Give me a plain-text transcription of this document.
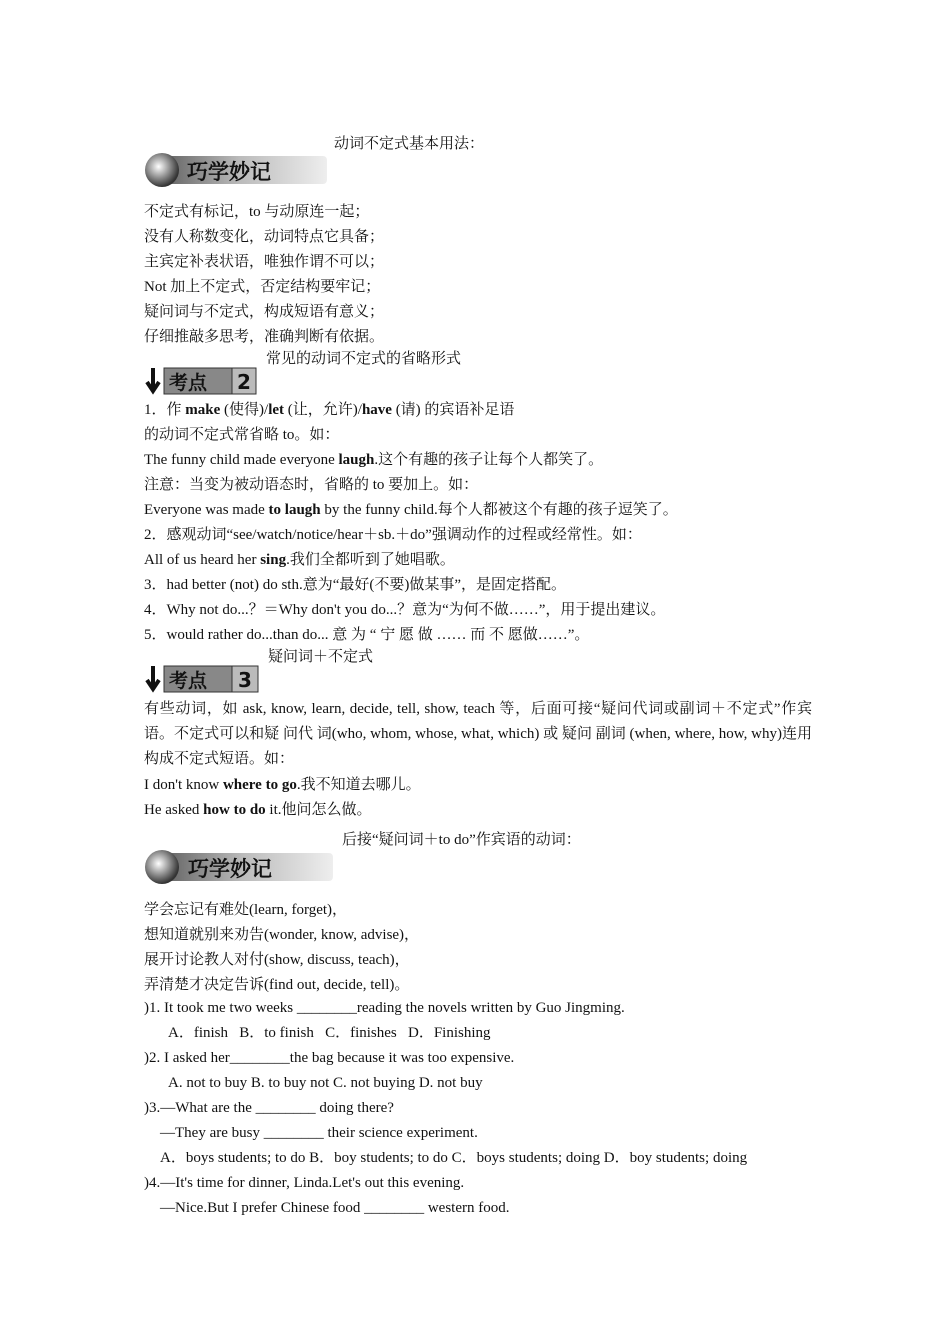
动词不定式基本用法：
巧学妙记
不定式有标记，to 与动原连一起；
没有人称数变化，动词特点它具备；
主宾定补表状语，唯独作谓不可以；
Not 加上不定式，否定结构要牢记；
疑问词与不定式，构成短语有意义；
仔细推敲多思考，准确判断有依据。
常见的动词不定式的省略形式
考点 2
1．作 make (使得)/let (让，允许)/have (请) 的宾语补足语
的动词不定式常省略 to。如：
The funny child made everyone laugh.这个有趣的孩子让每个人都笑了。
注意：当变为被动语态时，省略的 to 要加上。如：
Everyone was made to laugh by the funny child.每个人都被这个有趣的孩子逗笑了。
2．感观动词“see/watch/notice/hear＋sb.＋do”强调动作的过程或经常性。如：
All of us heard her sing.我们全都听到了她唱歌。
3．had better (not) do sth.意为“最好(不要)做某事”，是固定搭配。
4．Why not do...？＝Why don't you do...？意为“为何不做……”，用于提出建议。
5．would rather do...than do... 意 为 “ 宁 愿 做 …… 而 不 愿做……”。
疑问词＋不定式
考点 3
有些动词，如 ask, know, learn, decide, tell, show, teach 等，后面可接“疑问代词或副词＋不定式”作宾语。不定式可以和疑 问代 词(who, whom, whose, what, which) 或 疑问 副词 (when, where, how, why)连用构成不定式短语。如：
I don't know where to go.我不知道去哪儿。
He asked how to do it.他问怎么做。
后接“疑问词＋to do”作宾语的动词：
巧学妙记
学会忘记有难处(learn, forget)，
想知道就别来劝告(wonder, know, advise)，
展开讨论教人对付(show, discuss, teach)，
弄清楚才决定告诉(find out, decide, tell)。
)1. It took me two weeks ________reading the novels written by Guo Jingming.
A．finish   B．to finish   C．finishes   D．Finishing
)2. I asked her________the bag because it was too expensive.
A. not to buy B. to buy not C. not buying D. not buy
)3.—What are the ________ doing there?
—They are busy ________ their science experiment.
A．boys students; to do B．boy students; to do C．boys students; doing D．boy students; doing
)4.—It's time for dinner, Linda.Let's out this evening.
—Nice.But I prefer Chinese food ________ western food.
